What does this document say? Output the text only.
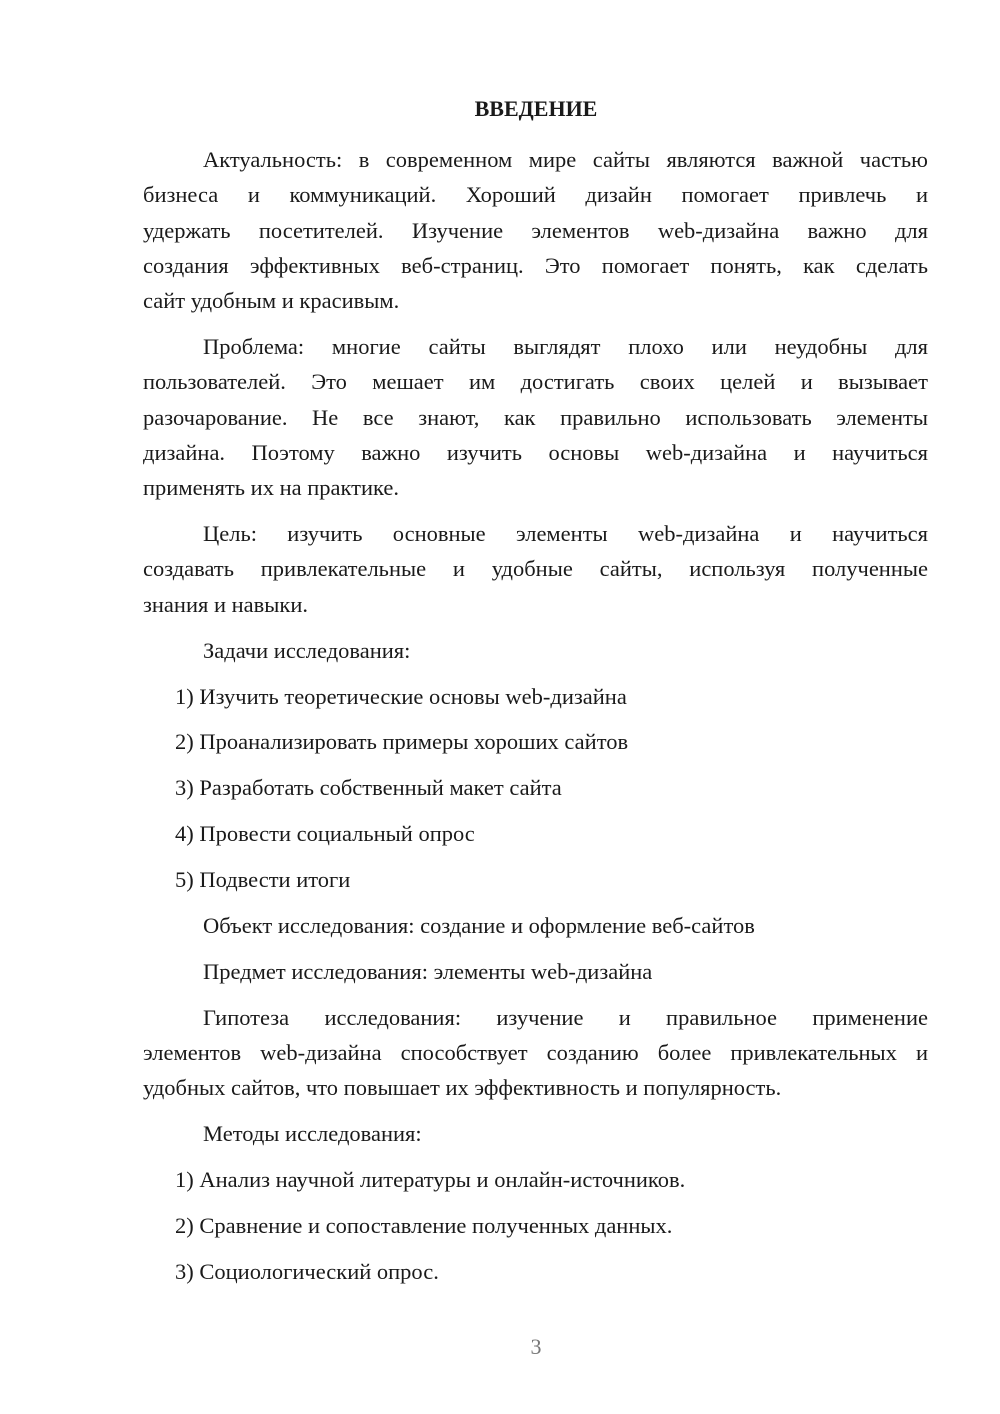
ВВЕДЕНИЕ
Актуальность: в современном мире сайты являются важной частью
бизнеса и коммуникаций. Хороший дизайн помогает привлечь и
удержать посетителей. Изучение элементов web-дизайна важно для
создания эффективных веб-страниц. Это помогает понять, как сделать
сайт удобным и красивым.
Проблема: многие сайты выглядят плохо или неудобны для
пользователей. Это мешает им достигать своих целей и вызывает
разочарование. Не все знают, как правильно использовать элементы
дизайна. Поэтому важно изучить основы web-дизайна и научиться
применять их на практике.
Цель: изучить основные элементы web-дизайна и научиться
создавать привлекательные и удобные сайты, используя полученные
знания и навыки.
Задачи исследования:
1) Изучить теоретические основы web-дизайна
2) Проанализировать примеры хороших сайтов
3) Разработать собственный макет сайта
4) Провести социальный опрос
5) Подвести итоги
Объект исследования: создание и оформление веб-сайтов
Предмет исследования: элементы web-дизайна
Гипотеза исследования: изучение и правильное применение
элементов web-дизайна способствует созданию более привлекательных и
удобных сайтов, что повышает их эффективность и популярность.
Методы исследования:
1) Анализ научной литературы и онлайн-источников.
2) Сравнение и сопоставление полученных данных.
3) Социологический опрос.
3
